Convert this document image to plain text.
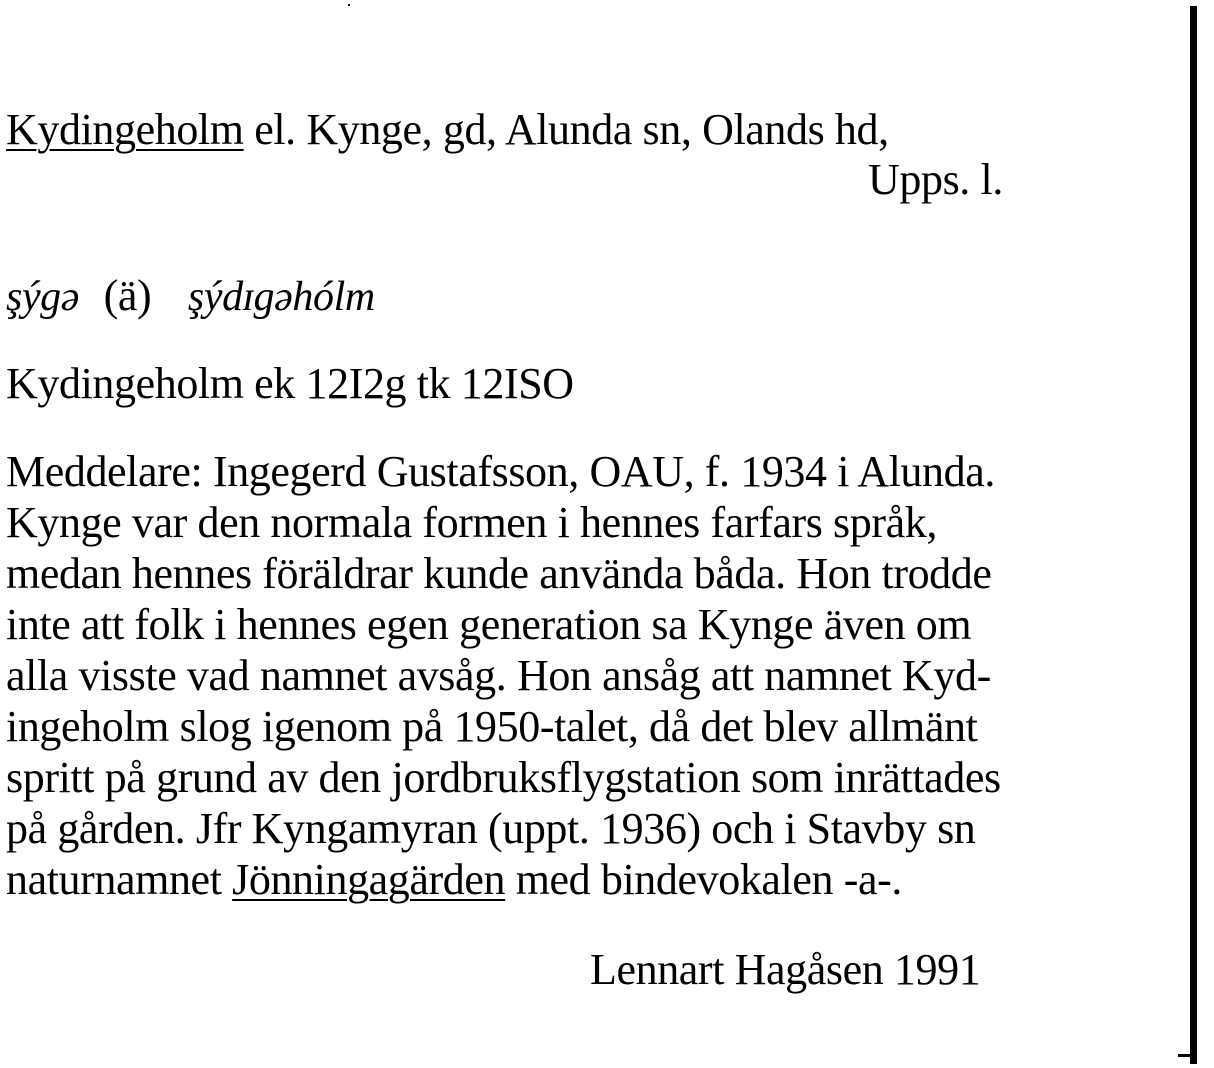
Kydingeholm el. Kynge, gd, Alunda sn, Olands hd,
Upps. l.
şýgə (ä) şýdɪgəhólm
Kydingeholm ek 12I2g tk 12ISO
Meddelare: Ingegerd Gustafsson, OAU, f. 1934 i Alunda.
Kynge var den normala formen i hennes farfars språk,
medan hennes föräldrar kunde använda båda. Hon trodde
inte att folk i hennes egen generation sa Kynge även om
alla visste vad namnet avsåg. Hon ansåg att namnet Kyd-
ingeholm slog igenom på 1950-talet, då det blev allmänt
spritt på grund av den jordbruksflygstation som inrättades
på gården. Jfr Kyngamyran (uppt. 1936) och i Stavby sn
naturnamnet Jönningagärden med bindevokalen -a-.
Lennart Hagåsen 1991
